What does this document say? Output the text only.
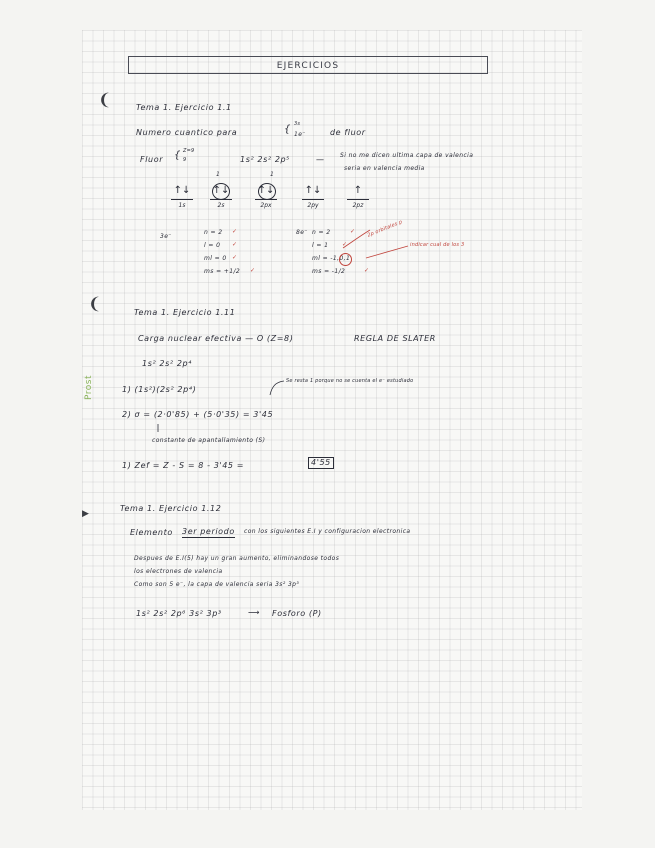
Prost
EJERCICIOS
❨
❨
▶
Tema 1. Ejercicio 1.1
Numero cuantico para	{ 3s
1e⁻	de fluor
Fluor { Z=9
9	1s² 2s² 2p⁵	—	Si no me dicen ultima capa de valencia
seria en valencia media
1	1
↑↓
1s
↑↓
2s
↑↓
2px
↑↓
2py
↑
2pz
3e⁻
n = 2
l = 0
ml = 0
ms = +1/2
✓
✓
✓
✓
8e⁻ n = 2
l = 1
ml = -1,0,1
ms = -1/2
✓
✓
✓
2p orbitales p
indicar cual de los 3
Tema 1. Ejercicio 1.11
Carga nuclear efectiva — O (Z=8)	REGLA DE SLATER
1s² 2s² 2p⁴
1) (1s²)(2s² 2p⁴)
Se resta 1 porque no se cuenta el e⁻ estudiado
2) σ = (2·0'85) + (5·0'35) = 3'45
constante de apantallamiento (S)
1) Zef = Z - S = 8 - 3'45 =	4'55
Tema 1. Ejercicio 1.12
Elemento 3er periodo con los siguientes E.I y configuracion electronica
Despues de E.I(5) hay un gran aumento, eliminandose todos
los electrones de valencia
Como son 5 e⁻, la capa de valencia seria 3s² 3p³
1s² 2s² 2p⁶ 3s² 3p³	⟶ Fosforo (P)
